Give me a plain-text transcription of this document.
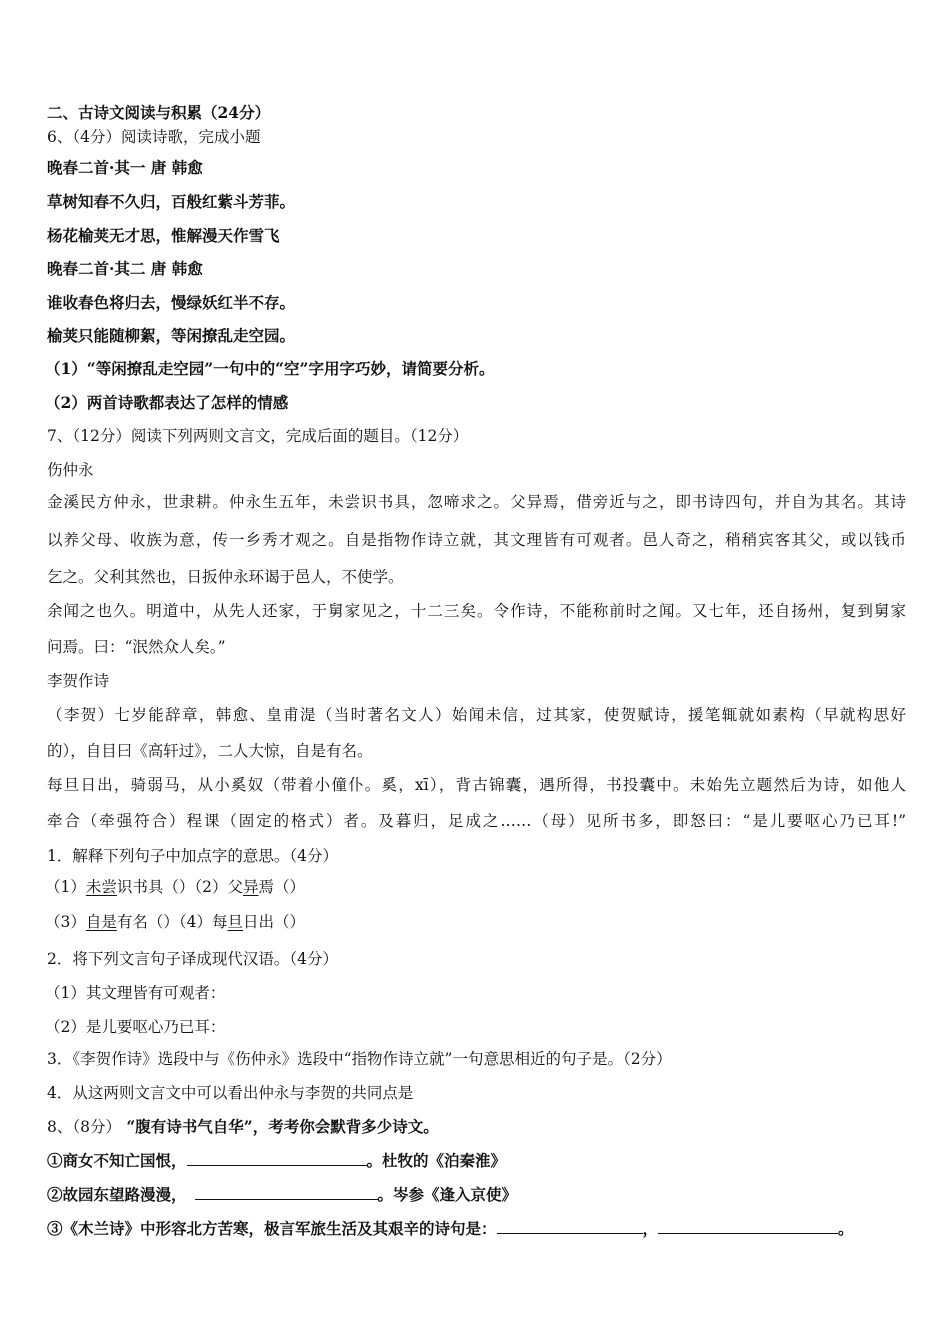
二、古诗文阅读与积累（24分）
6、（4分）阅读诗歌，完成小题
晚春二首·其一 唐 韩愈
草树知春不久归，百般红紫斗芳菲。
杨花榆荚无才思，惟解漫天作雪飞
晚春二首·其二 唐 韩愈
谁收春色将归去，慢绿妖红半不存。
榆荚只能随柳絮，等闲撩乱走空园。
（1）“等闲撩乱走空园”一句中的“空”字用字巧妙，请简要分析。
（2）两首诗歌都表达了怎样的情感
7、（12分）阅读下列两则文言文，完成后面的题目。（12分）
伤仲永
金溪民方仲永，世隶耕。仲永生五年，未尝识书具，忽啼求之。父异焉，借旁近与之，即书诗四句，并自为其名。其诗
以养父母、收族为意，传一乡秀才观之。自是指物作诗立就，其文理皆有可观者。邑人奇之，稍稍宾客其父，或以钱币
乞之。父利其然也，日扳仲永环谒于邑人，不使学。
余闻之也久。明道中，从先人还家，于舅家见之，十二三矣。令作诗，不能称前时之闻。又七年，还自扬州，复到舅家
问焉。曰：“泯然众人矣。”
李贺作诗
（李贺）七岁能辞章，韩愈、皇甫湜（当时著名文人）始闻未信，过其家，使贺赋诗，援笔辄就如素构（早就构思好
的），自目曰《高轩过》，二人大惊，自是有名。
每旦日出，骑弱马，从小奚奴（带着小僮仆。奚，xī），背古锦囊，遇所得，书投囊中。未始先立题然后为诗，如他人
牵合（牵强符合）程课（固定的格式）者。及暮归，足成之……（母）见所书多，即怒曰：“是儿要呕心乃已耳!”
1．解释下列句子中加点字的意思。（4分）
（1）未尝识书具（）（2）父异焉（）
（3）自是有名（）（4）每旦日出（）
2．将下列文言句子译成现代汉语。（4分）
（1）其文理皆有可观者：
（2）是儿要呕心乃已耳：
3．《李贺作诗》选段中与《伤仲永》选段中“指物作诗立就”一句意思相近的句子是。（2分）
4．从这两则文言文中可以看出仲永与李贺的共同点是
8、（8分） “腹有诗书气自华”，考考你会默背多少诗文。
①商女不知亡国恨，	。杜牧的《泊秦淮》
②故园东望路漫漫，	。岑参《逢入京使》
③《木兰诗》中形容北方苦寒，极言军旅生活及其艰辛的诗句是：	，	。
